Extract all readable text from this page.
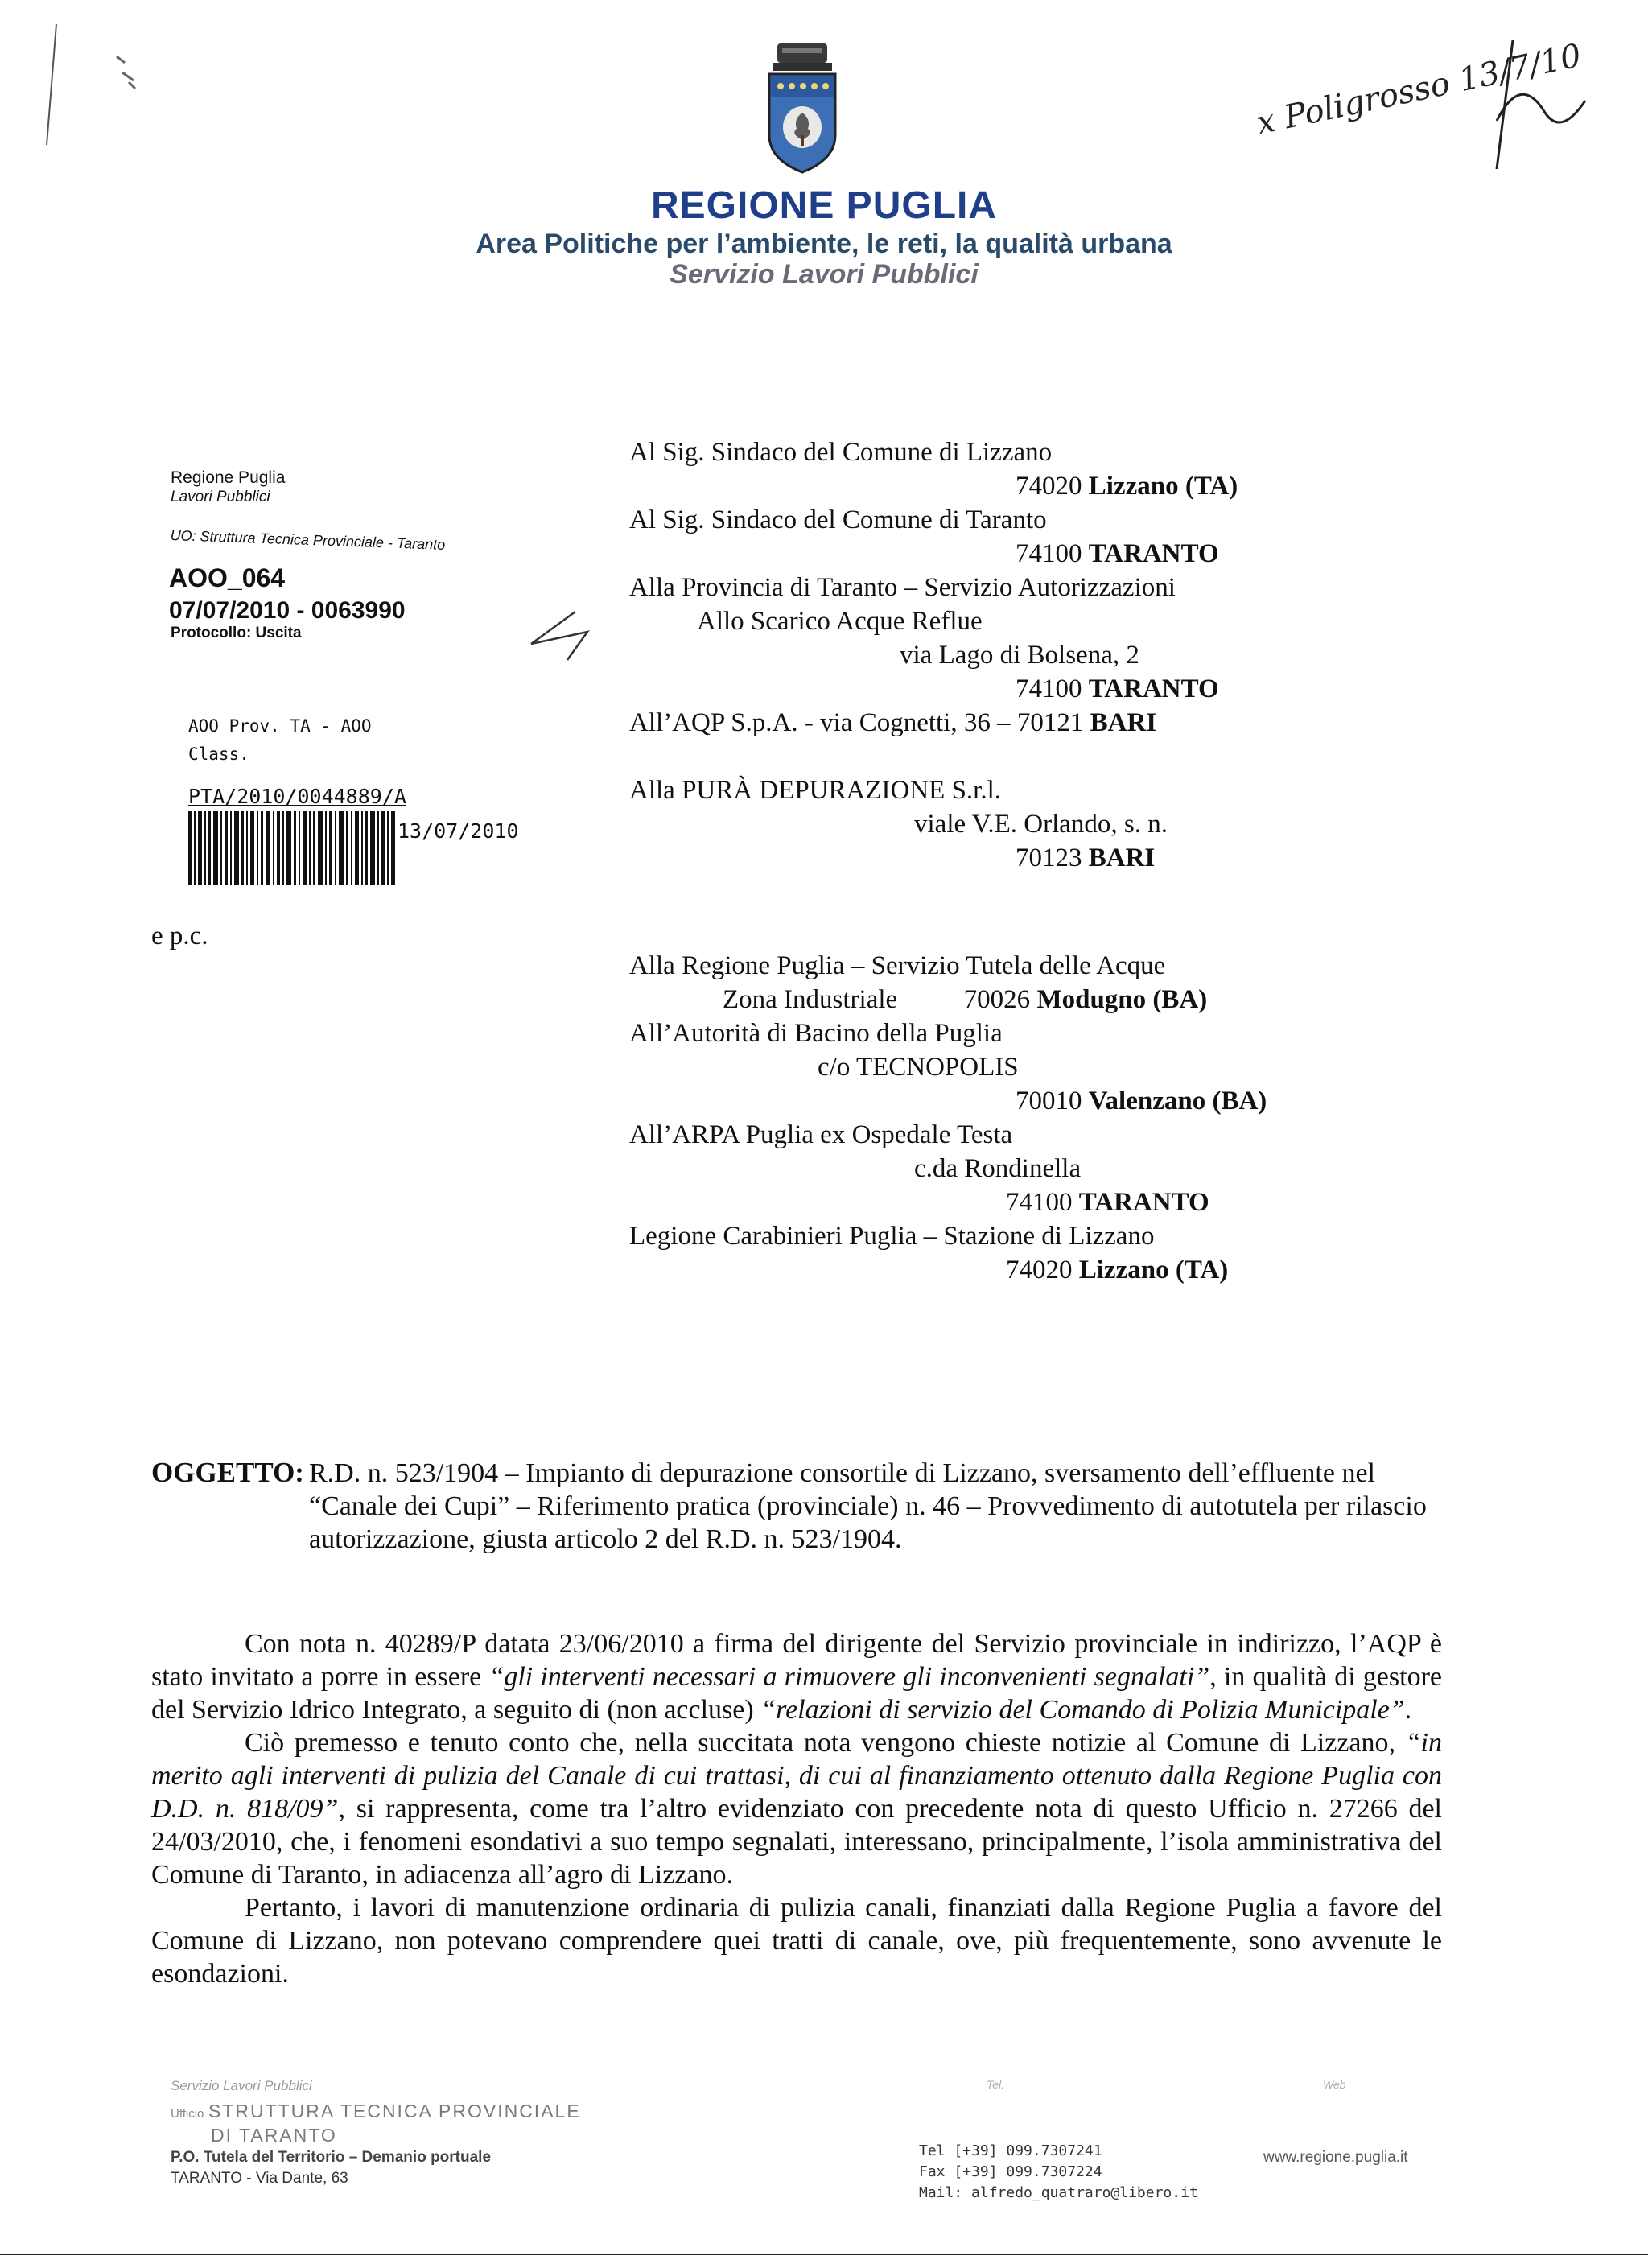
REGIONE PUGLIA
Area Politiche per l’ambiente, le reti, la qualità urbana
Servizio Lavori Pubblici
x Poligrosso 13/7/10
Regione Puglia
Lavori Pubblici
UO: Struttura Tecnica Provinciale - Taranto
AOO_064
07/07/2010 - 0063990
Protocollo: Uscita
AOO Prov. TA - AOO
Class.
PTA/2010/0044889/A
13/07/2010
e p.c.
Al Sig. Sindaco del Comune di Lizzano
74020 Lizzano (TA)
Al Sig. Sindaco del Comune di Taranto
74100 TARANTO
Alla Provincia di Taranto – Servizio Autorizzazioni
Allo Scarico Acque Reflue
via Lago di Bolsena, 2
74100 TARANTO
All’AQP S.p.A. - via Cognetti, 36 – 70121 BARI
Alla PURÀ DEPURAZIONE S.r.l.
viale V.E. Orlando, s. n.
70123 BARI
Alla Regione Puglia – Servizio Tutela delle Acque
Zona Industriale          70026 Modugno (BA)
All’Autorità di Bacino della Puglia
c/o TECNOPOLIS
70010 Valenzano (BA)
All’ARPA Puglia ex Ospedale Testa
c.da Rondinella
74100 TARANTO
Legione Carabinieri Puglia – Stazione di Lizzano
74020 Lizzano (TA)
OGGETTO: R.D. n. 523/1904 – Impianto di depurazione consortile di Lizzano, sversamento dell’effluente nel “Canale dei Cupi” – Riferimento pratica (provinciale) n. 46 – Provvedimento di autotutela per rilascio autorizzazione, giusta articolo 2 del R.D. n. 523/1904.

Con nota n. 40289/P datata 23/06/2010 a firma del dirigente del Servizio provinciale in indirizzo, l’AQP è stato invitato a porre in essere “gli interventi necessari a rimuovere gli inconvenienti segnalati”, in qualità di gestore del Servizio Idrico Integrato, a seguito di (non accluse) “relazioni di servizio del Comando di Polizia Municipale”.

Ciò premesso e tenuto conto che, nella succitata nota vengono chieste notizie al Comune di Lizzano, “in merito agli interventi di pulizia del Canale di cui trattasi, di cui al finanziamento ottenuto dalla Regione Puglia con D.D. n. 818/09”, si rappresenta, come tra l’altro evidenziato con precedente nota di questo Ufficio n. 27266 del 24/03/2010, che, i fenomeni esondativi a suo tempo segnalati, interessano, principalmente, l’isola amministrativa del Comune di Taranto, in adiacenza all’agro di Lizzano.

Pertanto, i lavori di manutenzione ordinaria di pulizia canali, finanziati dalla Regione Puglia a favore del Comune di Lizzano, non potevano comprendere quei tratti di canale, ove, più frequentemente, sono avvenute le esondazioni.

Servizio Lavori Pubblici
Ufficio STRUTTURA TECNICA PROVINCIALE
DI TARANTO
P.O. Tutela del Territorio – Demanio portuale
TARANTO - Via Dante, 63
Tel.
Tel [+39] 099.7307241
Fax [+39] 099.7307224
Mail: alfredo_quatraro@libero.it
Web
www.regione.puglia.it
